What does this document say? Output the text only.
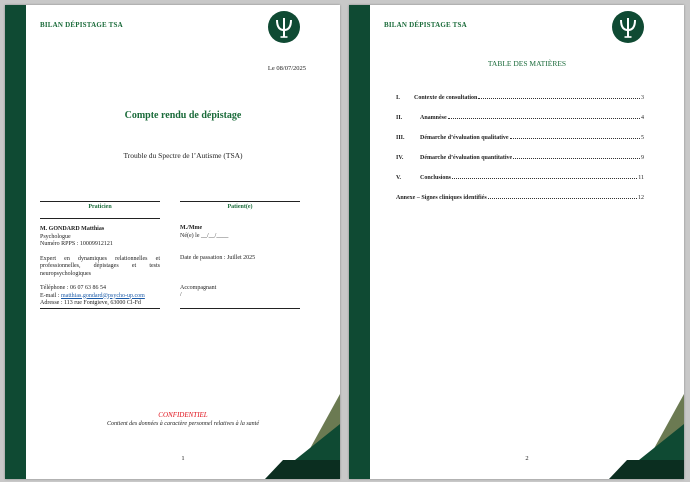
BILAN DÉPISTAGE TSA
Le 08/07/2025
Compte rendu de dépistage
Trouble du Spectre de l’Autisme (TSA)
Praticien
M. GONDARD Matthias
Psychologue
Numéro RPPS : 10009912121
Expert en dynamiques relationnelles et professionnelles, dépistages et tests neuropsychologiques
Téléphone : 06 07 63 86 54
E-mail : matthias.gondard@psycho-up.com
Adresse : 113 rue Fontgieve, 63000 Cl-Fd
Patient(e)
M./Mme
Né(e) le __/__/____
Date de passation : Juillet 2025
Accompagnant
/
CONFIDENTIEL
Contient des données à caractère personnel relatives à la santé
1
BILAN DÉPISTAGE TSA
TABLE DES MATIÈRES
I.	Contexte de consultation	3
II.	Anamnèse	4
III.	Démarche d’évaluation qualitative	5
IV.	Démarche d’évaluation quantitative	9
V.	Conclusions	11
Annexe – Signes cliniques identifiés	12
2
